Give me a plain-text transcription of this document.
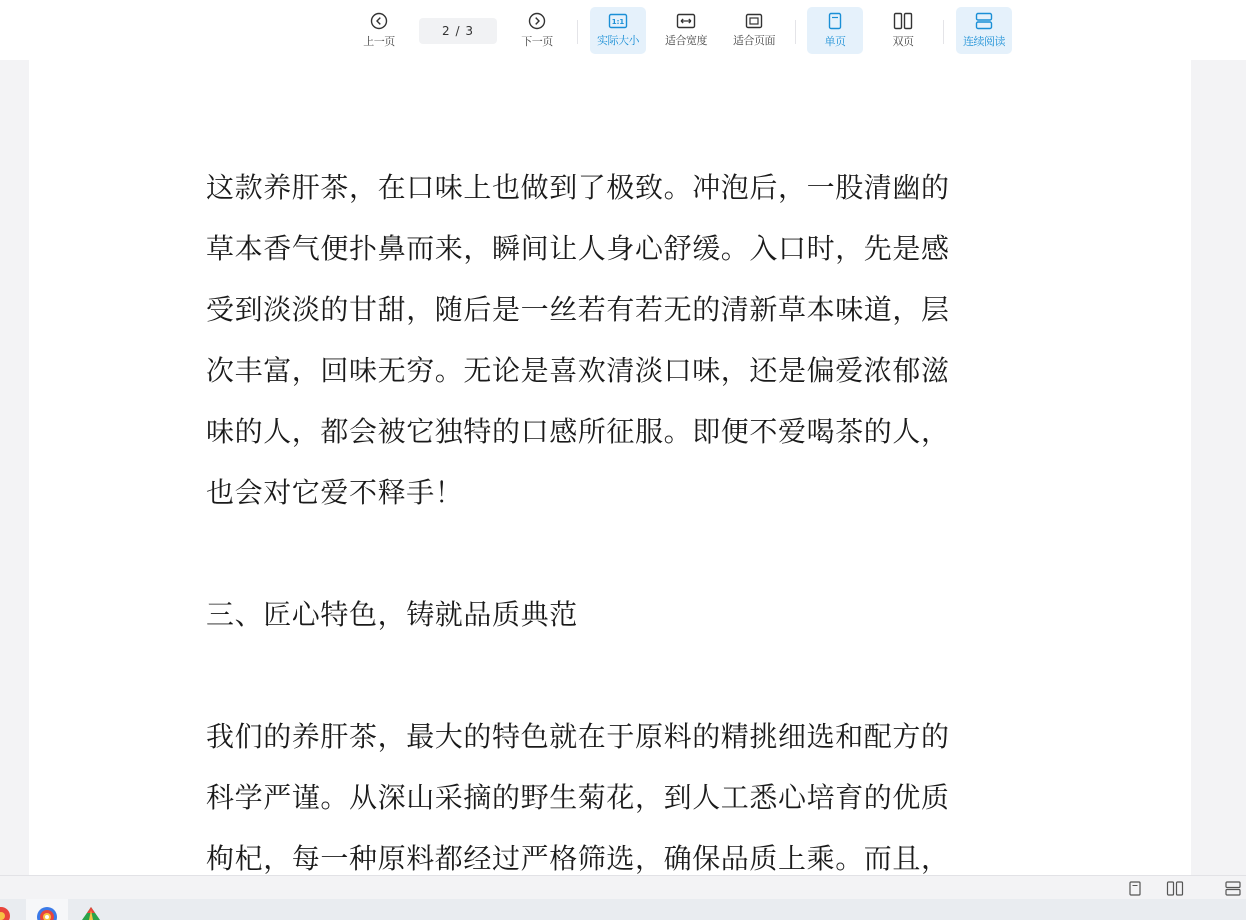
上一页
2 / 3
下一页
1:1
实际大小 适合宽度 适合页面	单页	双页	连续阅读

这款养肝茶，在口味上也做到了极致。冲泡后，一股清幽的

草本香气便扑鼻而来，瞬间让人身心舒缓。入口时，先是感

受到淡淡的甘甜，随后是一丝若有若无的清新草本味道，层

次丰富，回味无穷。无论是喜欢清淡口味，还是偏爱浓郁滋

味的人，都会被它独特的口感所征服。即便不爱喝茶的人，

也会对它爱不释手！

三、匠心特色，铸就品质典范

我们的养肝茶，最大的特色就在于原料的精挑细选和配方的

科学严谨。从深山采摘的野生菊花，到人工悉心培育的优质

枸杞，每一种原料都经过严格筛选，确保品质上乘。而且，
